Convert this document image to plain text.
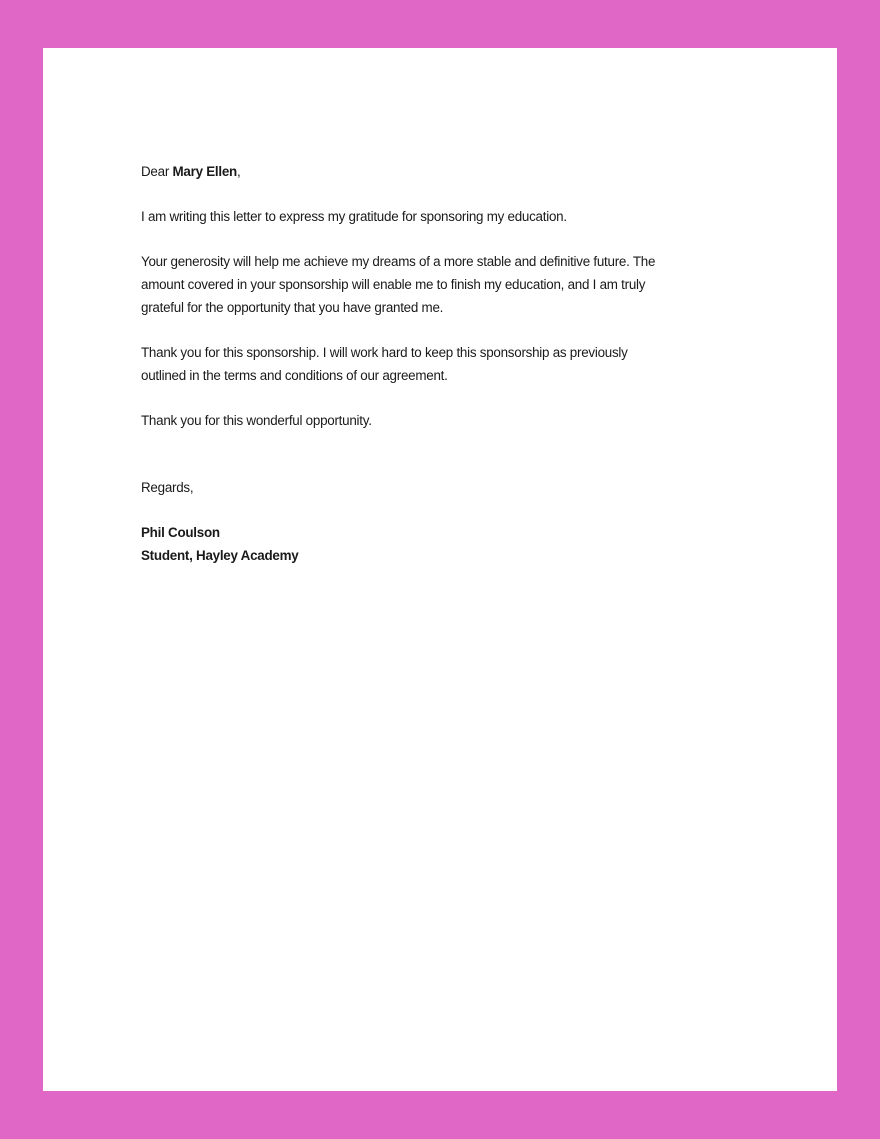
Dear Mary Ellen,
I am writing this letter to express my gratitude for sponsoring my education.
Your generosity will help me achieve my dreams of a more stable and definitive future. The
amount covered in your sponsorship will enable me to finish my education, and I am truly
grateful for the opportunity that you have granted me.
Thank you for this sponsorship. I will work hard to keep this sponsorship as previously
outlined in the terms and conditions of our agreement.
Thank you for this wonderful opportunity.
Regards,
Phil Coulson
Student, Hayley Academy
